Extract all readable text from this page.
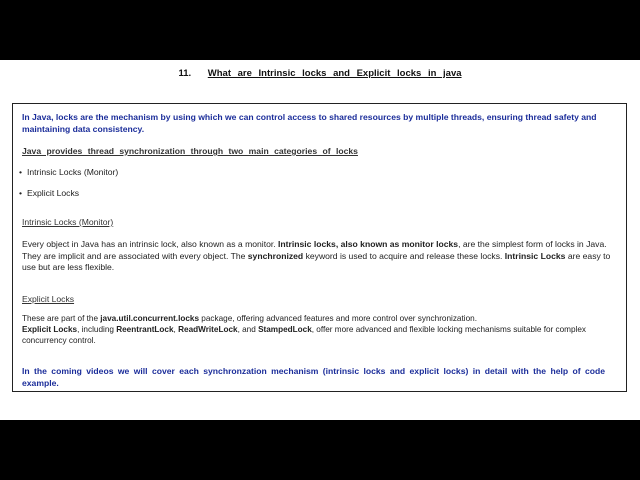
11. What are Intrinsic locks and Explicit locks in java
In Java, locks are the mechanism by using which we can control access to shared resources by multiple threads, ensuring thread safety and maintaining data consistency.
Java provides thread synchronization through two main categories of locks
• Intrinsic Locks (Monitor)
• Explicit Locks
Intrinsic Locks (Monitor)
Every object in Java has an intrinsic lock, also known as a monitor. Intrinsic locks, also known as monitor locks, are the simplest form of locks in Java. They are implicit and are associated with every object. The synchronized keyword is used to acquire and release these locks. Intrinsic Locks are easy to use but are less flexible.
Explicit Locks
These are part of the java.util.concurrent.locks package, offering advanced features and more control over synchronization.
Explicit Locks, including ReentrantLock, ReadWriteLock, and StampedLock, offer more advanced and flexible locking mechanisms suitable for complex concurrency control.
In the coming videos we will cover each synchronzation mechanism (intrinsic locks and explicit locks) in detail with the help of code example.
